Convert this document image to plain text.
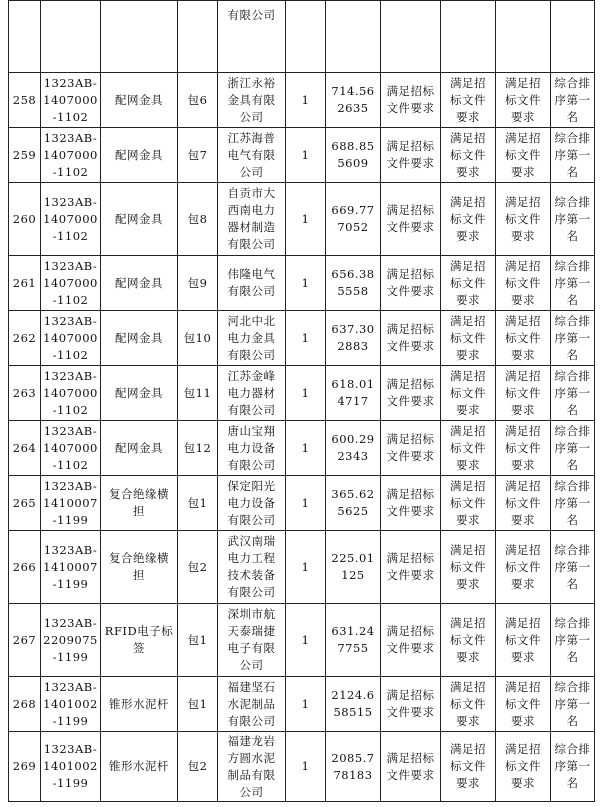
				有限公司						
258	1323AB-
1407000
-1102	配网金具	包6	浙江永裕
金具有限
公司	1	714.56
2635	满足招标
文件要求	满足招
标文件
要求	满足招
标文件
要求	综合排
序第一
名
259	1323AB-
1407000
-1102	配网金具	包7	江苏海普
电气有限
公司	1	688.85
5609	满足招标
文件要求	满足招
标文件
要求	满足招
标文件
要求	综合排
序第一
名
260	1323AB-
1407000
-1102	配网金具	包8	自贡市大
西南电力
器材制造
有限公司	1	669.77
7052	满足招标
文件要求	满足招
标文件
要求	满足招
标文件
要求	综合排
序第一
名
261	1323AB-
1407000
-1102	配网金具	包9	伟隆电气
有限公司	1	656.38
5558	满足招标
文件要求	满足招
标文件
要求	满足招
标文件
要求	综合排
序第一
名
262	1323AB-
1407000
-1102	配网金具	包10	河北中北
电力金具
有限公司	1	637.30
2883	满足招标
文件要求	满足招
标文件
要求	满足招
标文件
要求	综合排
序第一
名
263	1323AB-
1407000
-1102	配网金具	包11	江苏金峰
电力器材
有限公司	1	618.01
4717	满足招标
文件要求	满足招
标文件
要求	满足招
标文件
要求	综合排
序第一
名
264	1323AB-
1407000
-1102	配网金具	包12	唐山宝翔
电力设备
有限公司	1	600.29
2343	满足招标
文件要求	满足招
标文件
要求	满足招
标文件
要求	综合排
序第一
名
265	1323AB-
1410007
-1199	复合绝缘横
担	包1	保定阳光
电力设备
有限公司	1	365.62
5625	满足招标
文件要求	满足招
标文件
要求	满足招
标文件
要求	综合排
序第一
名
266	1323AB-
1410007
-1199	复合绝缘横
担	包2	武汉南瑞
电力工程
技术装备
有限公司	1	225.01
125	满足招标
文件要求	满足招
标文件
要求	满足招
标文件
要求	综合排
序第一
名
267	1323AB-
2209075
-1199	RFID电子标
签	包1	深圳市航
天泰瑞捷
电子有限
公司	1	631.24
7755	满足招标
文件要求	满足招
标文件
要求	满足招
标文件
要求	综合排
序第一
名
268	1323AB-
1401002
-1199	锥形水泥杆	包1	福建坚石
水泥制品
有限公司	1	2124.6
58515	满足招标
文件要求	满足招
标文件
要求	满足招
标文件
要求	综合排
序第一
名
269	1323AB-
1401002
-1199	锥形水泥杆	包2	福建龙岩
方圆水泥
制品有限
公司	1	2085.7
78183	满足招标
文件要求	满足招
标文件
要求	满足招
标文件
要求	综合排
序第一
名
